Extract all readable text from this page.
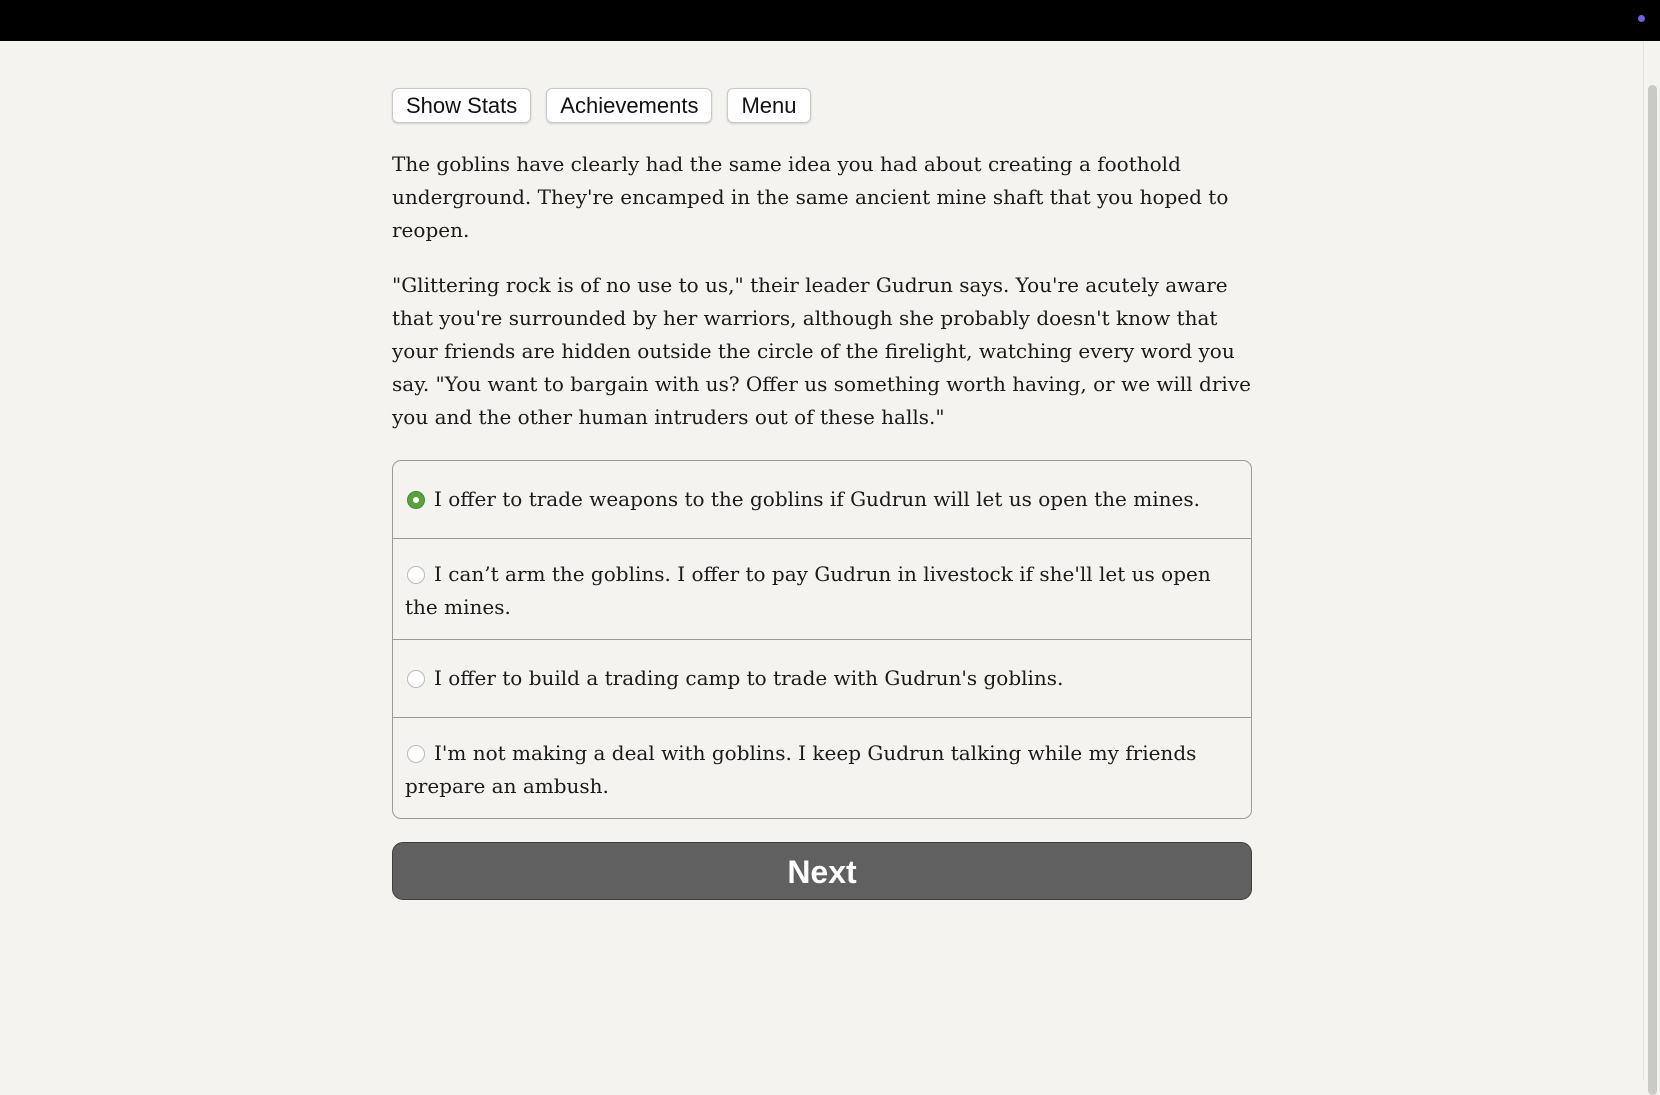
Show Stats	Achievements	Menu

The goblins have clearly had the same idea you had about creating a foothold underground. They're encamped in the same ancient mine shaft that you hoped to reopen.

"Glittering rock is of no use to us," their leader Gudrun says. You're acutely aware that you're surrounded by her warriors, although she probably doesn't know that your friends are hidden outside the circle of the firelight, watching every word you say. "You want to bargain with us? Offer us something worth having, or we will drive you and the other human intruders out of these halls."

I offer to trade weapons to the goblins if Gudrun will let us open the mines.
I can’t arm the goblins. I offer to pay Gudrun in livestock if she'll let us open the mines.
I offer to build a trading camp to trade with Gudrun's goblins.
I'm not making a deal with goblins. I keep Gudrun talking while my friends prepare an ambush.
Next
